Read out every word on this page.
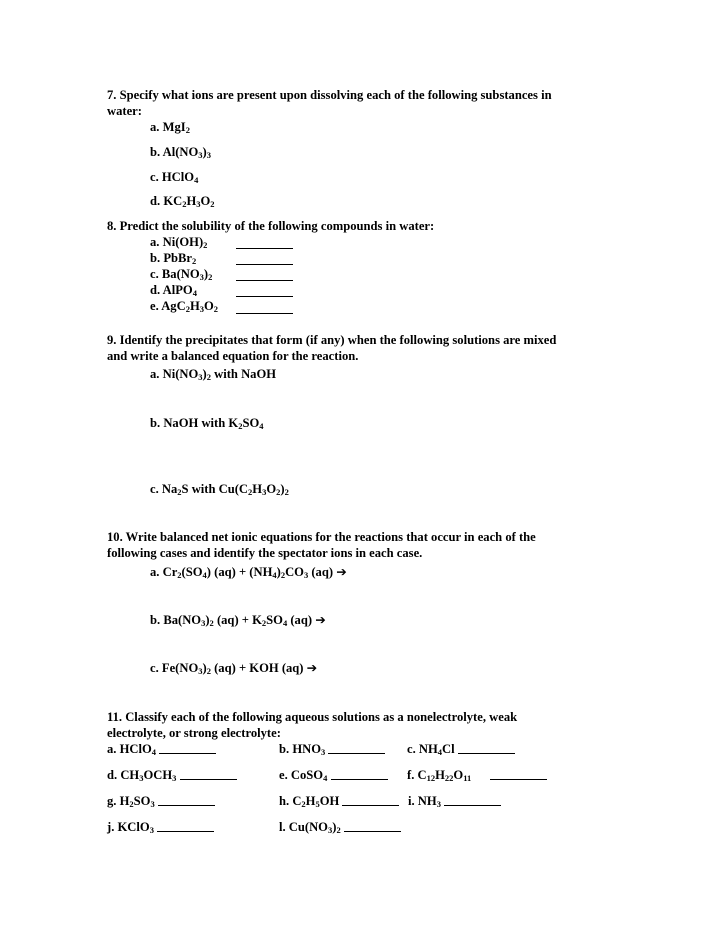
7. Specify what ions are present upon dissolving each of the following substances in
water:
a. MgI$_2$
b. $Al(NO_3)_3$
c. HClO$_4$
d. $KC_2H_3O_2$
8. Predict the solubility of the following compounds in water:
a. $Ni(OH)_2$
b. PbBr$_2$
c. $Ba(NO_3)_2$
d. AlPO$_4$
e. $AgC_2H_3O_2$
9. Identify the precipitates that form (if any) when the following solutions are mixed
and write a balanced equation for the reaction.
a. $Ni(NO_3)_2$ with NaOH
b. NaOH with $K_2SO_4$
c. $Na_2S$ with $Cu(C_2H_3O_2)_2$
10. Write balanced net ionic equations for the reactions that occur in each of the
following cases and identify the spectator ions in each case.
a. $Cr_2(SO_4) (aq) + (NH_4)_2CO_3$ (aq) ➔
b. $Ba(NO_3)_2$ $(aq) + K_2SO_4$ (aq) ➔
c. $Fe(NO_3)_2$ (aq) + KOH (aq) ➔
11. Classify each of the following aqueous solutions as a nonelectrolyte, weak
electrolyte, or strong electrolyte:
a. HClO$_4$	b. $HNO_3$	c. $NH_4Cl$
d. $CH_3OCH_3$	e. CoSO$_4$	f. $C_{12}H_{22}O_{11}$
g. $H_2SO_3$	h. $C_2H_5OH$	i. $NH_3$
j. KClO$_3$	l. $Cu(NO_3)_2$
